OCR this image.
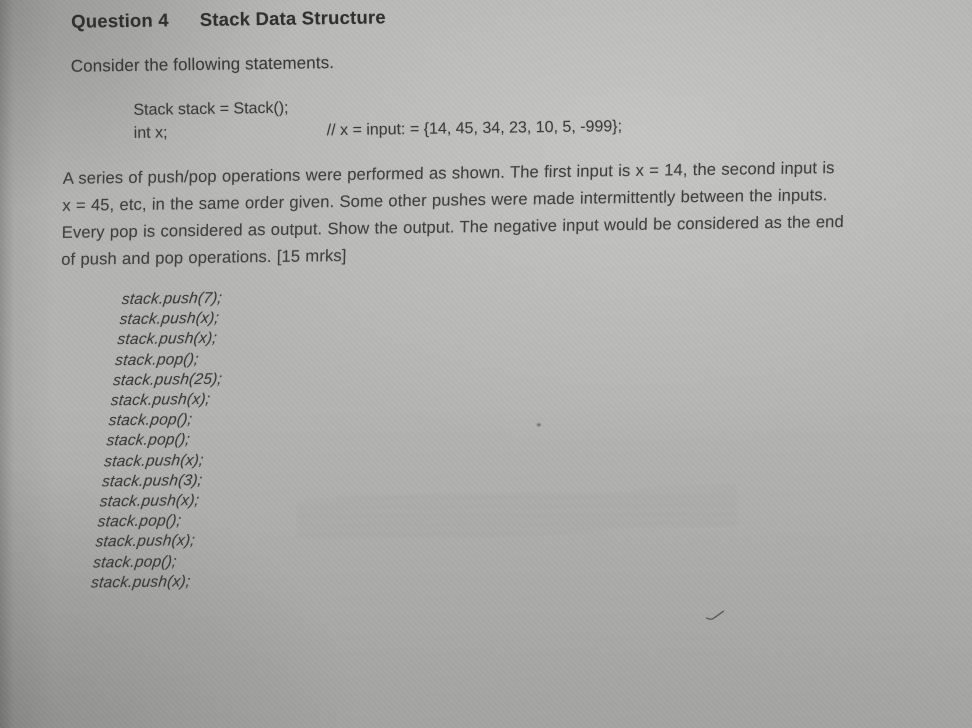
Question 4 Stack Data Structure
Consider the following statements.
Stack stack = Stack();
int x;	// x = input: = {14, 45, 34, 23, 10, 5, -999};
A series of push/pop operations were performed as shown. The first input is x = 14, the second input is
x = 45, etc, in the same order given. Some other pushes were made intermittently between the inputs.
Every pop is considered as output. Show the output. The negative input would be considered as the end
of push and pop operations. [15 mrks]
stack.push(7);
stack.push(x);
stack.push(x);
stack.pop();
stack.push(25);
stack.push(x);
stack.pop();
stack.pop();
stack.push(x);
stack.push(3);
stack.push(x);
stack.pop();
stack.push(x);
stack.pop();
stack.push(x);
